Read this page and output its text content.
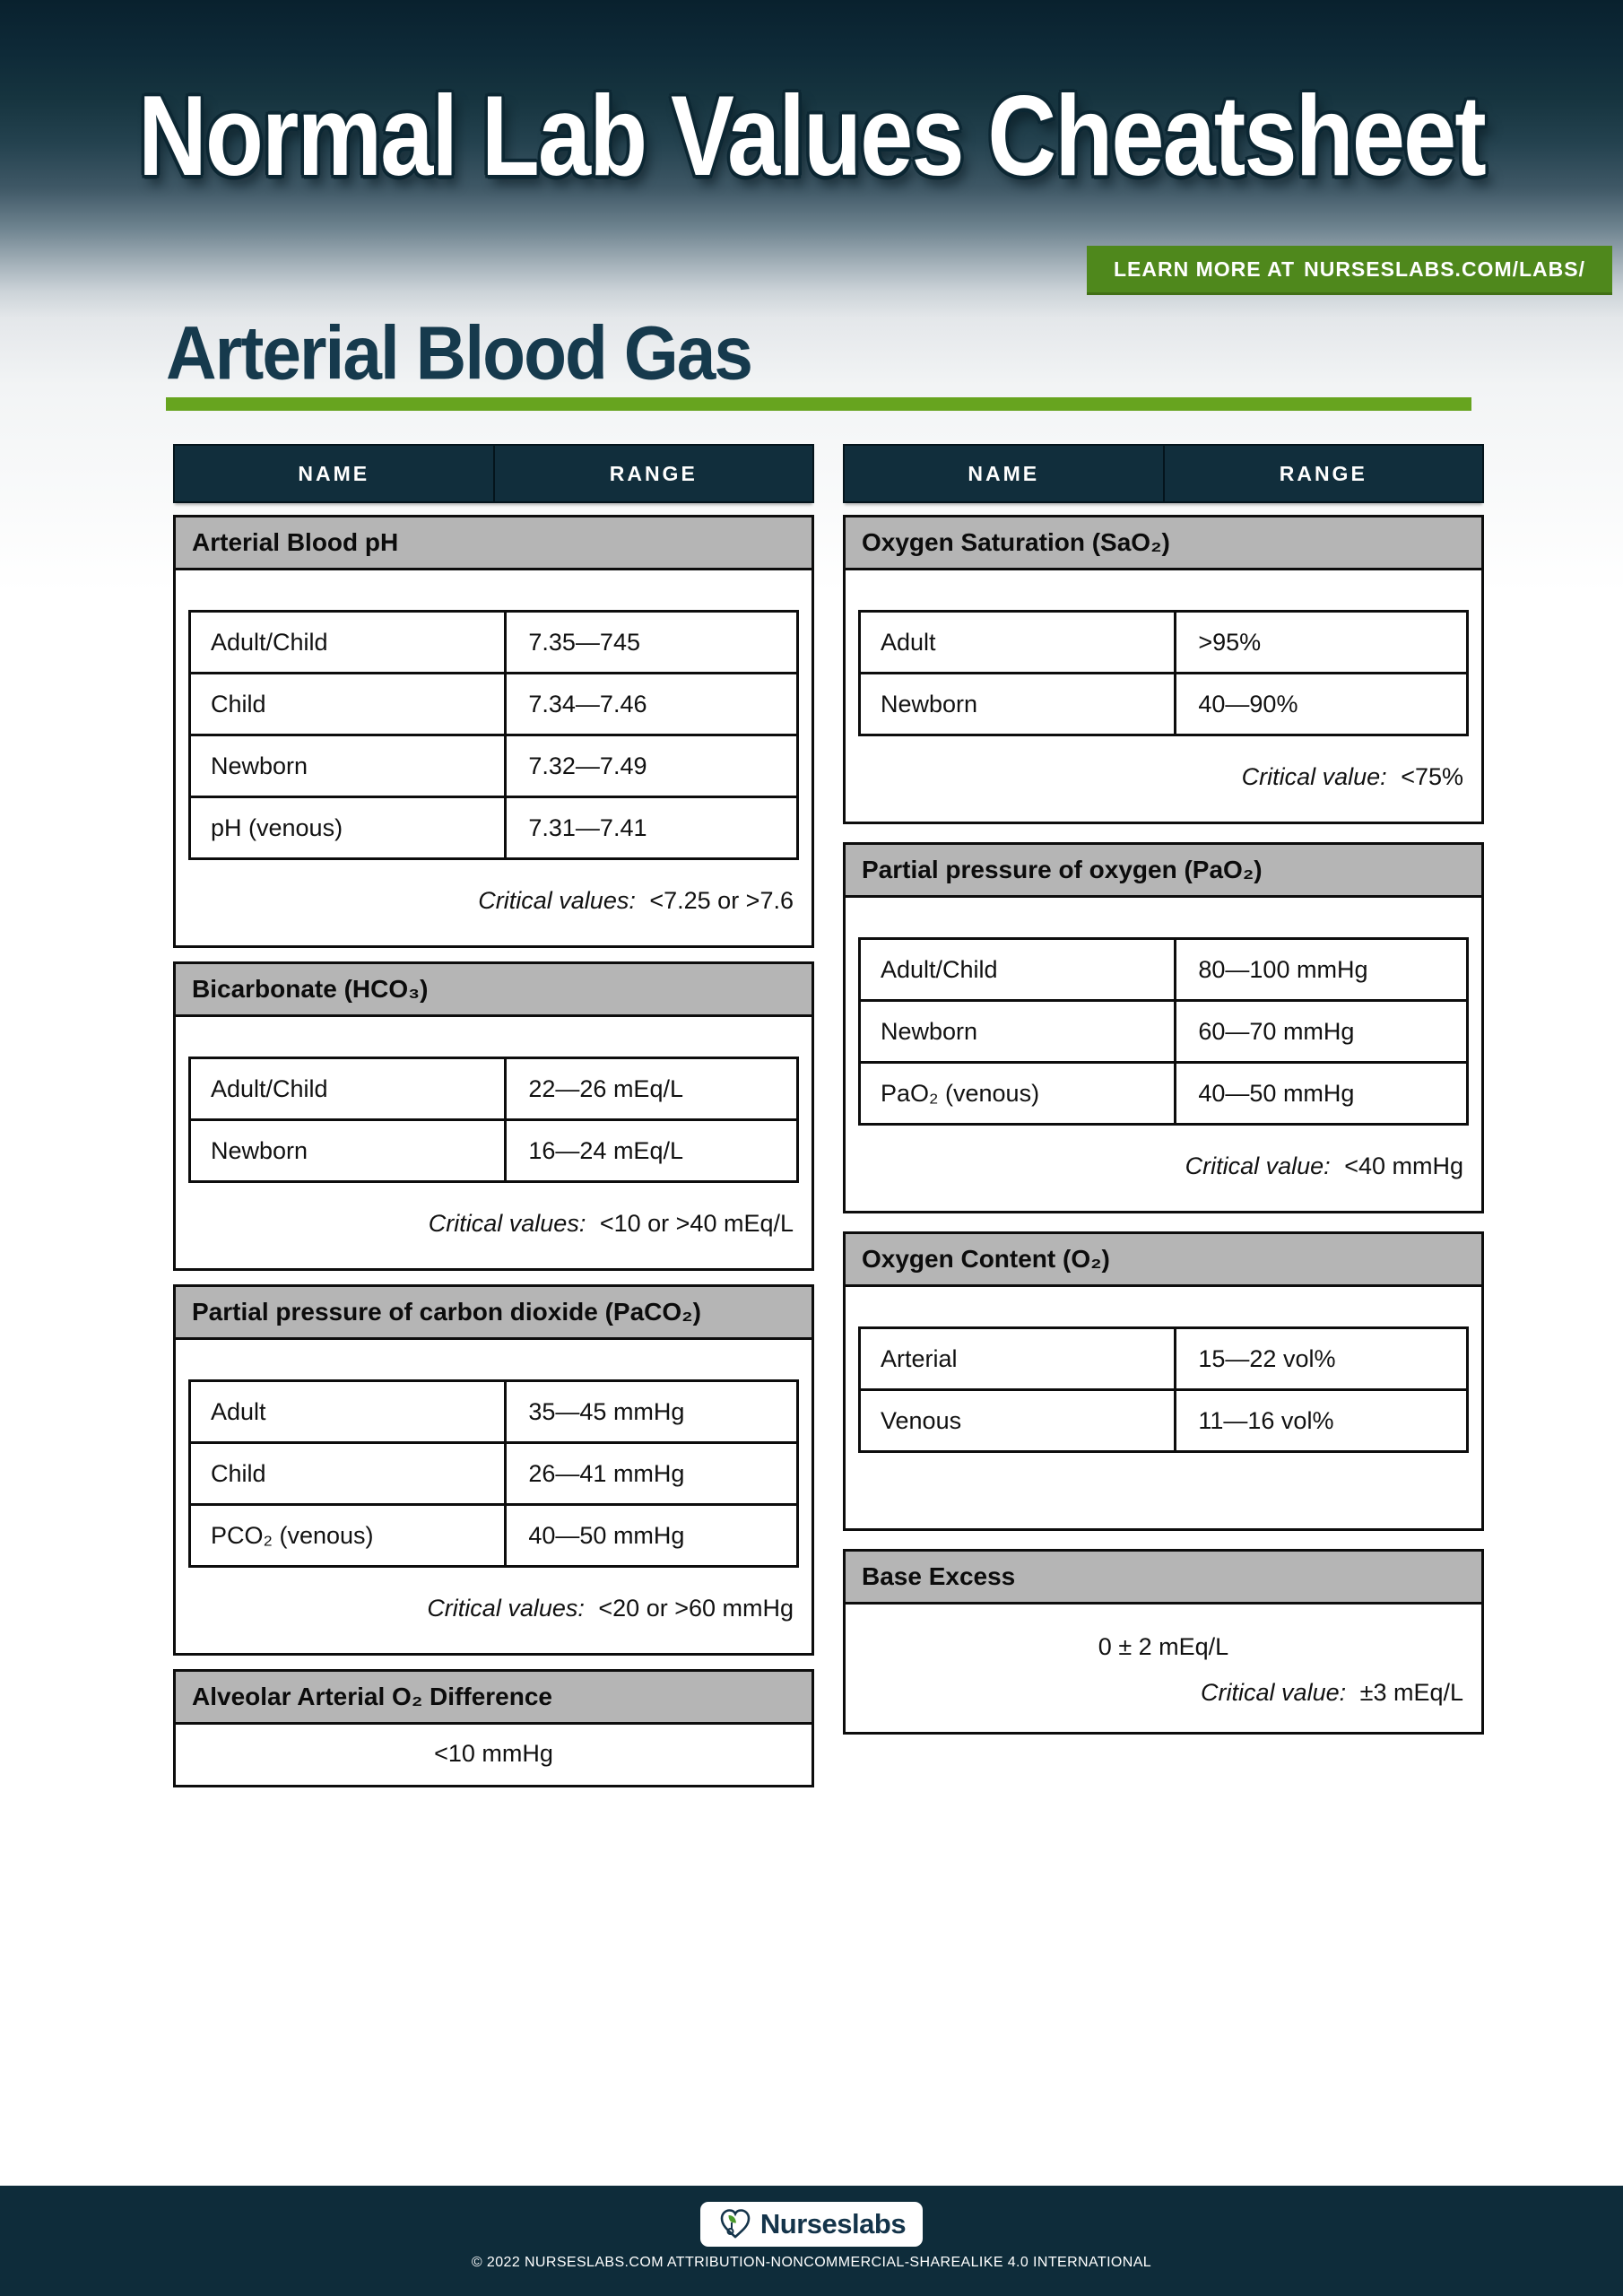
Normal Lab Values Cheatsheet
LEARN MORE AT NURSESLABS.COM/LABS/
Arterial Blood Gas
NAME	RANGE
Arterial Blood pH
Adult/Child	7.35—745
Child	7.34—7.46
Newborn	7.32—7.49
pH (venous)	7.31—7.41
Critical values: <7.25 or >7.6
Bicarbonate (HCO₃)
Adult/Child	22—26 mEq/L
Newborn	16—24 mEq/L
Critical values: <10 or >40 mEq/L
Partial pressure of carbon dioxide (PaCO₂)
Adult	35—45 mmHg
Child	26—41 mmHg
PCO₂ (venous)	40—50 mmHg
Critical values: <20 or >60 mmHg
Alveolar Arterial O₂ Difference
<10 mmHg
NAME	RANGE
Oxygen Saturation (SaO₂)
Adult	>95%
Newborn	40—90%
Critical value: <75%
Partial pressure of oxygen (PaO₂)
Adult/Child	80—100 mmHg
Newborn	60—70 mmHg
PaO₂ (venous)	40—50 mmHg
Critical value: <40 mmHg
Oxygen Content (O₂)
Arterial	15—22 vol%
Venous	11—16 vol%
Base Excess
0 ± 2 mEq/L
Critical value: ±3 mEq/L
Nurseslabs
© 2022 NURSESLABS.COM ATTRIBUTION-NONCOMMERCIAL-SHAREALIKE 4.0 INTERNATIONAL
